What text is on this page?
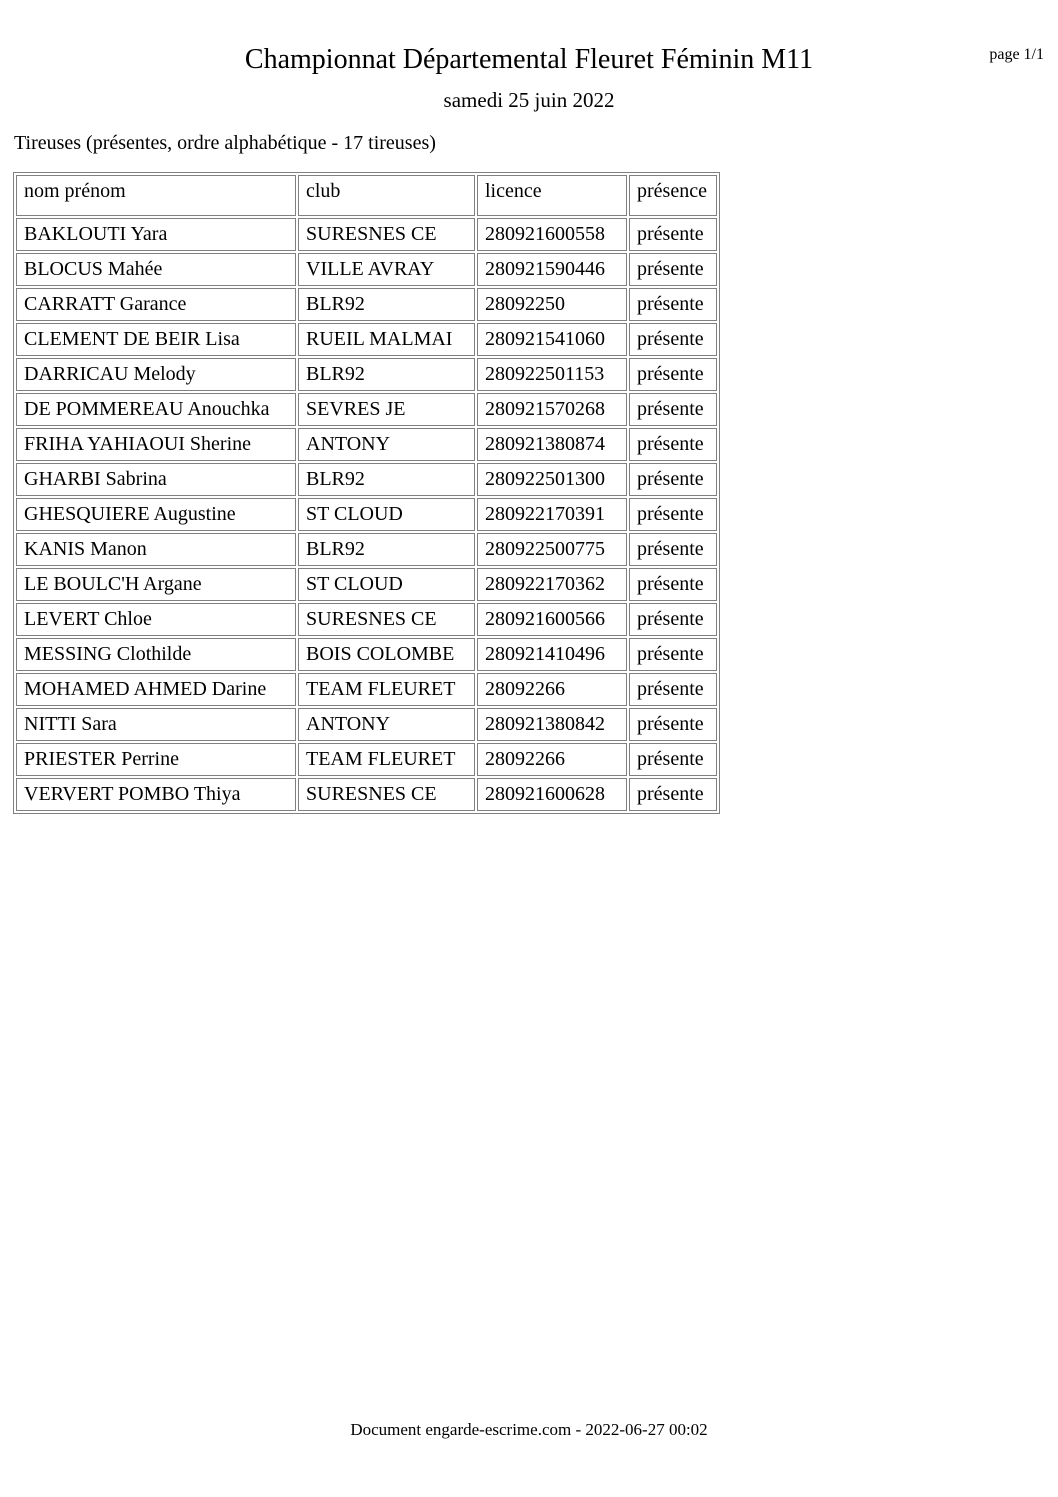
page 1/1
Championnat Départemental Fleuret Féminin M11
samedi 25 juin 2022
Tireuses (présentes, ordre alphabétique - 17 tireuses)
nom prénom	club	licence	présence
BAKLOUTI Yara	SURESNES CE	280921600558	présente
BLOCUS Mahée	VILLE AVRAY	280921590446	présente
CARRATT Garance	BLR92	28092250	présente
CLEMENT DE BEIR Lisa	RUEIL MALMAI	280921541060	présente
DARRICAU Melody	BLR92	280922501153	présente
DE POMMEREAU Anouchka	SEVRES JE	280921570268	présente
FRIHA YAHIAOUI Sherine	ANTONY	280921380874	présente
GHARBI Sabrina	BLR92	280922501300	présente
GHESQUIERE Augustine	ST CLOUD	280922170391	présente
KANIS Manon	BLR92	280922500775	présente
LE BOULC'H Argane	ST CLOUD	280922170362	présente
LEVERT Chloe	SURESNES CE	280921600566	présente
MESSING Clothilde	BOIS COLOMBE	280921410496	présente
MOHAMED AHMED Darine	TEAM FLEURET	28092266	présente
NITTI Sara	ANTONY	280921380842	présente
PRIESTER Perrine	TEAM FLEURET	28092266	présente
VERVERT POMBO Thiya	SURESNES CE	280921600628	présente
Document engarde-escrime.com - 2022-06-27 00:02
